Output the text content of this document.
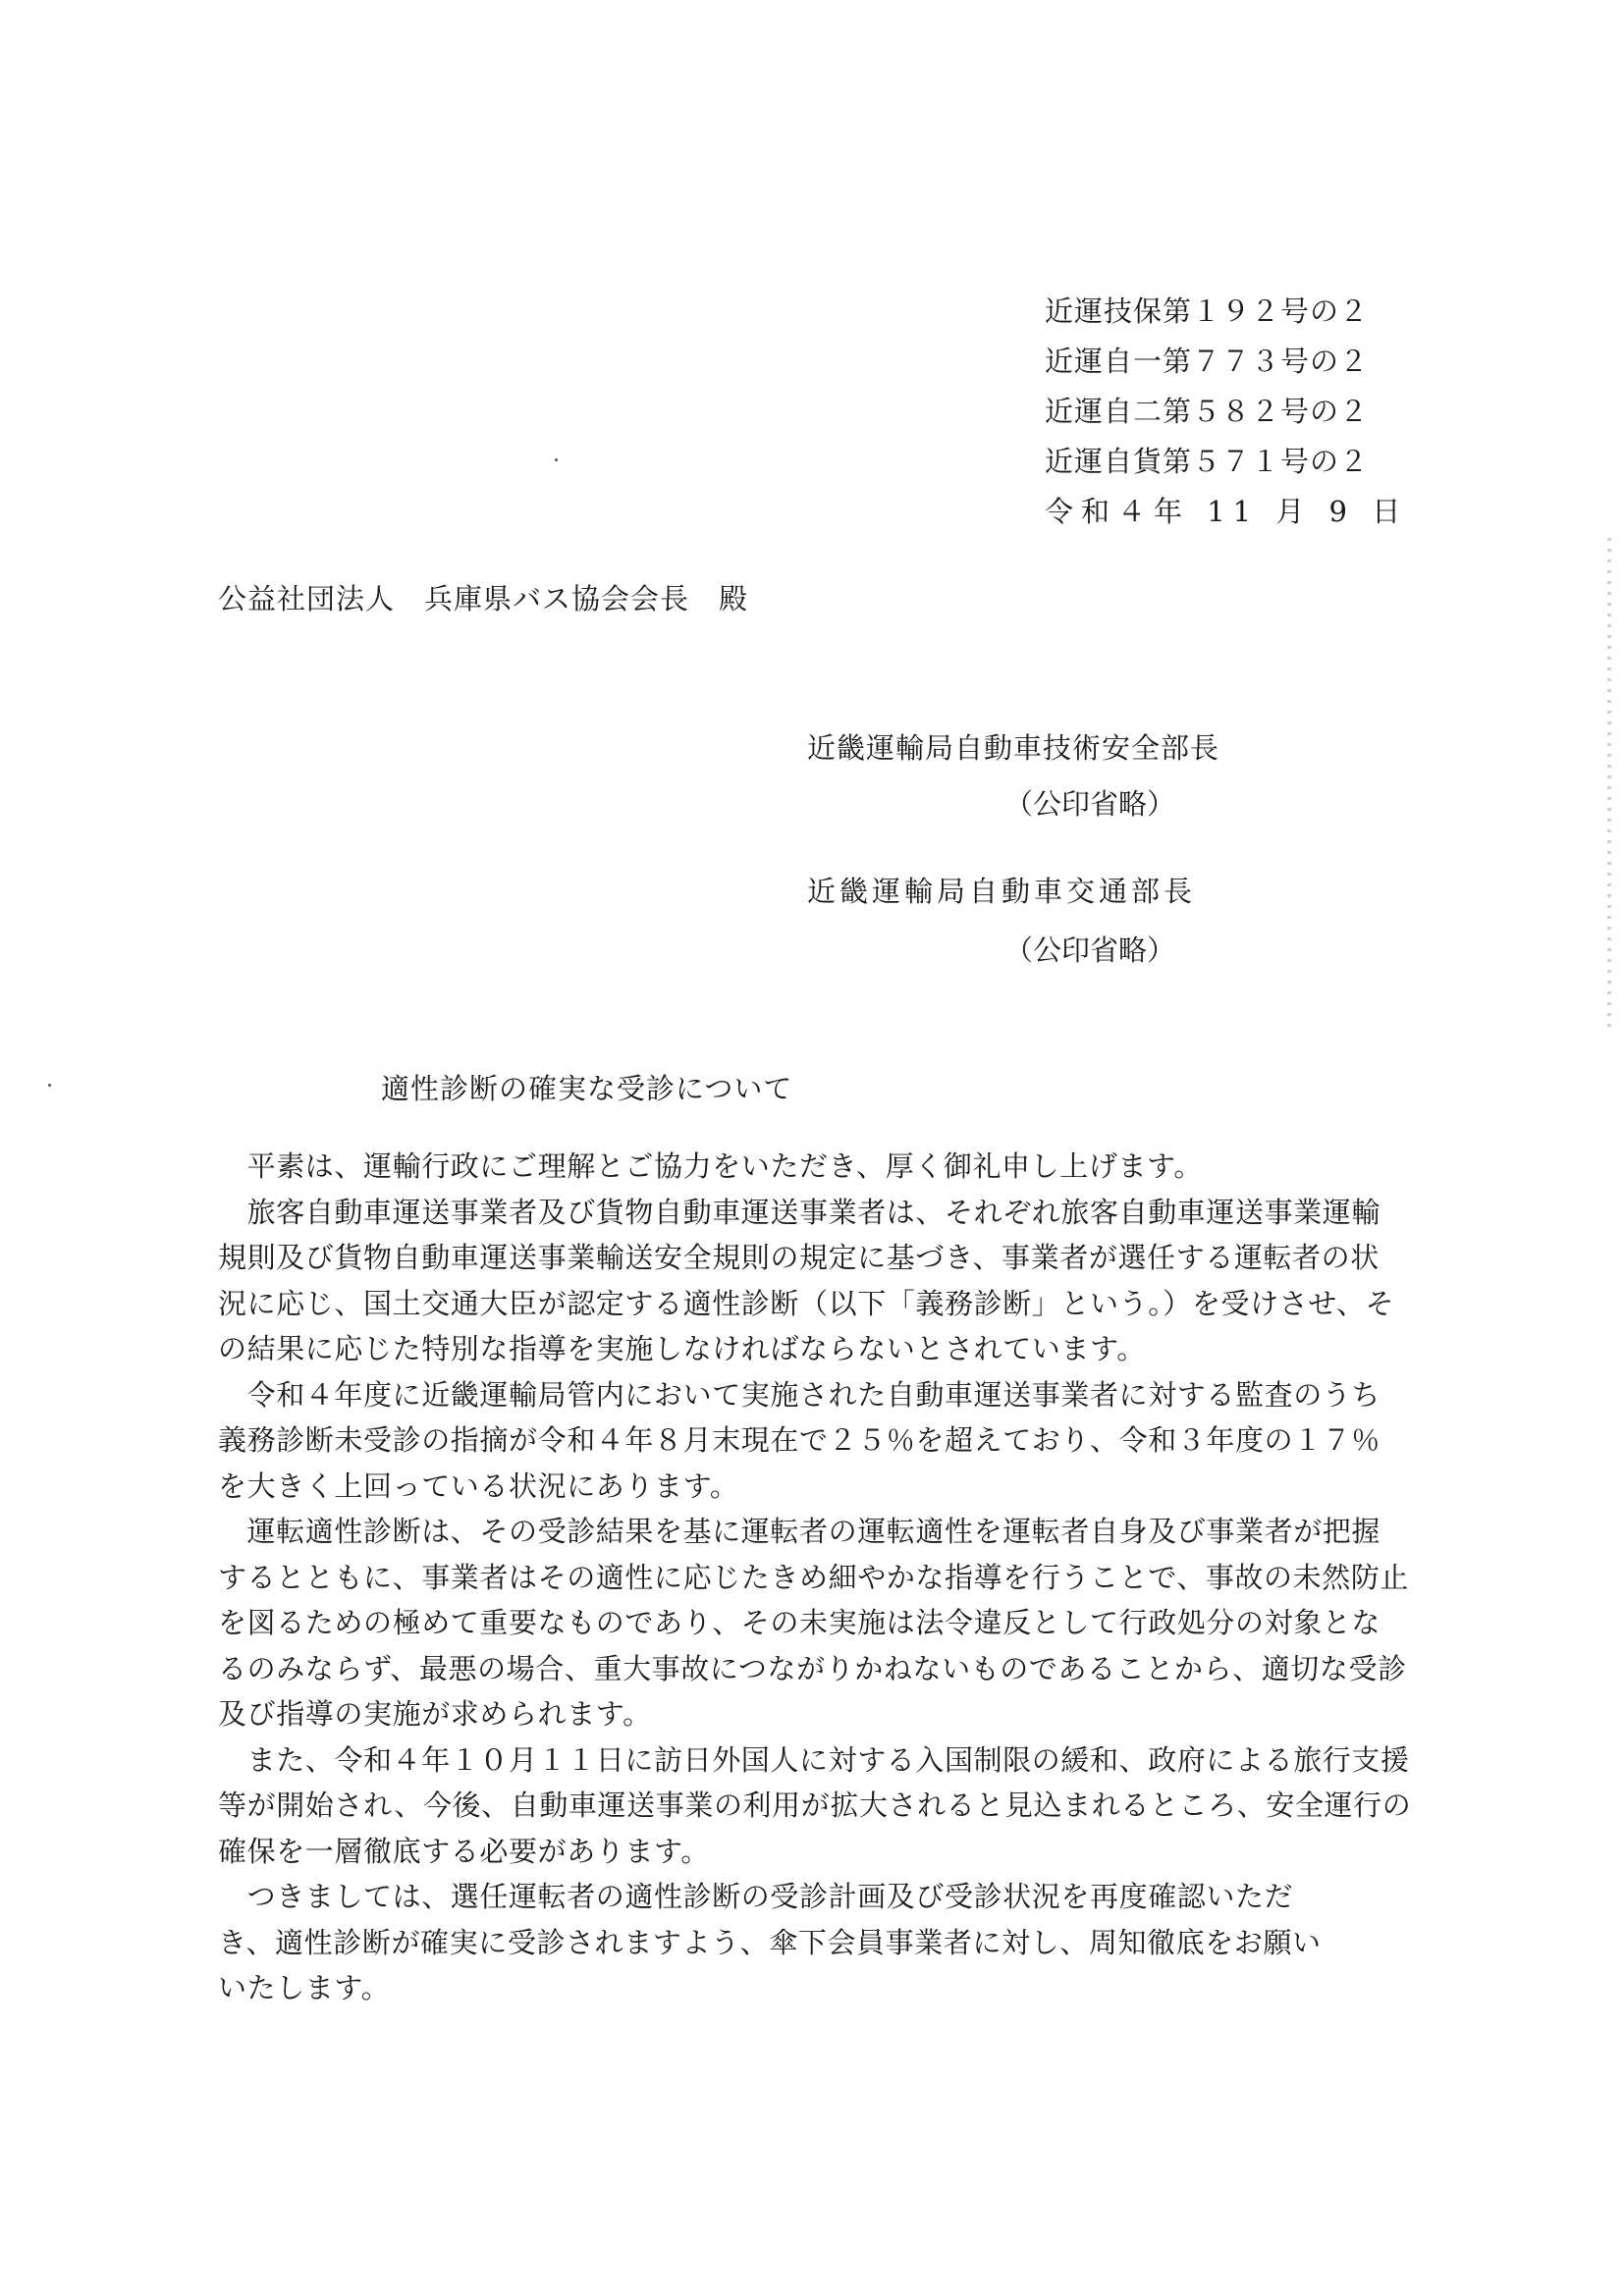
近運技保第１９２号の２
近運自一第７７３号の２
近運自二第５８２号の２
近運自貨第５７１号の２
令和４年 11 月 9 日
公益社団法人　兵庫県バス協会会長　殿
近畿運輸局自動車技術安全部長
（公印省略）
近畿運輸局自動車交通部長
（公印省略）
適性診断の確実な受診について
　平素は、運輸行政にご理解とご協力をいただき、厚く御礼申し上げます。
　旅客自動車運送事業者及び貨物自動車運送事業者は、それぞれ旅客自動車運送事業運輸
規則及び貨物自動車運送事業輸送安全規則の規定に基づき、事業者が選任する運転者の状
況に応じ、国土交通大臣が認定する適性診断（以下「義務診断」という。）を受けさせ、そ
の結果に応じた特別な指導を実施しなければならないとされています。
　令和４年度に近畿運輸局管内において実施された自動車運送事業者に対する監査のうち
義務診断未受診の指摘が令和４年８月末現在で２５％を超えており、令和３年度の１７％
を大きく上回っている状況にあります。
　運転適性診断は、その受診結果を基に運転者の運転適性を運転者自身及び事業者が把握
するとともに、事業者はその適性に応じたきめ細やかな指導を行うことで、事故の未然防止
を図るための極めて重要なものであり、その未実施は法令違反として行政処分の対象とな
るのみならず、最悪の場合、重大事故につながりかねないものであることから、適切な受診
及び指導の実施が求められます。
　また、令和４年１０月１１日に訪日外国人に対する入国制限の緩和、政府による旅行支援
等が開始され、今後、自動車運送事業の利用が拡大されると見込まれるところ、安全運行の
確保を一層徹底する必要があります。
　つきましては、選任運転者の適性診断の受診計画及び受診状況を再度確認いただ
き、適性診断が確実に受診されますよう、傘下会員事業者に対し、周知徹底をお願い
いたします。
